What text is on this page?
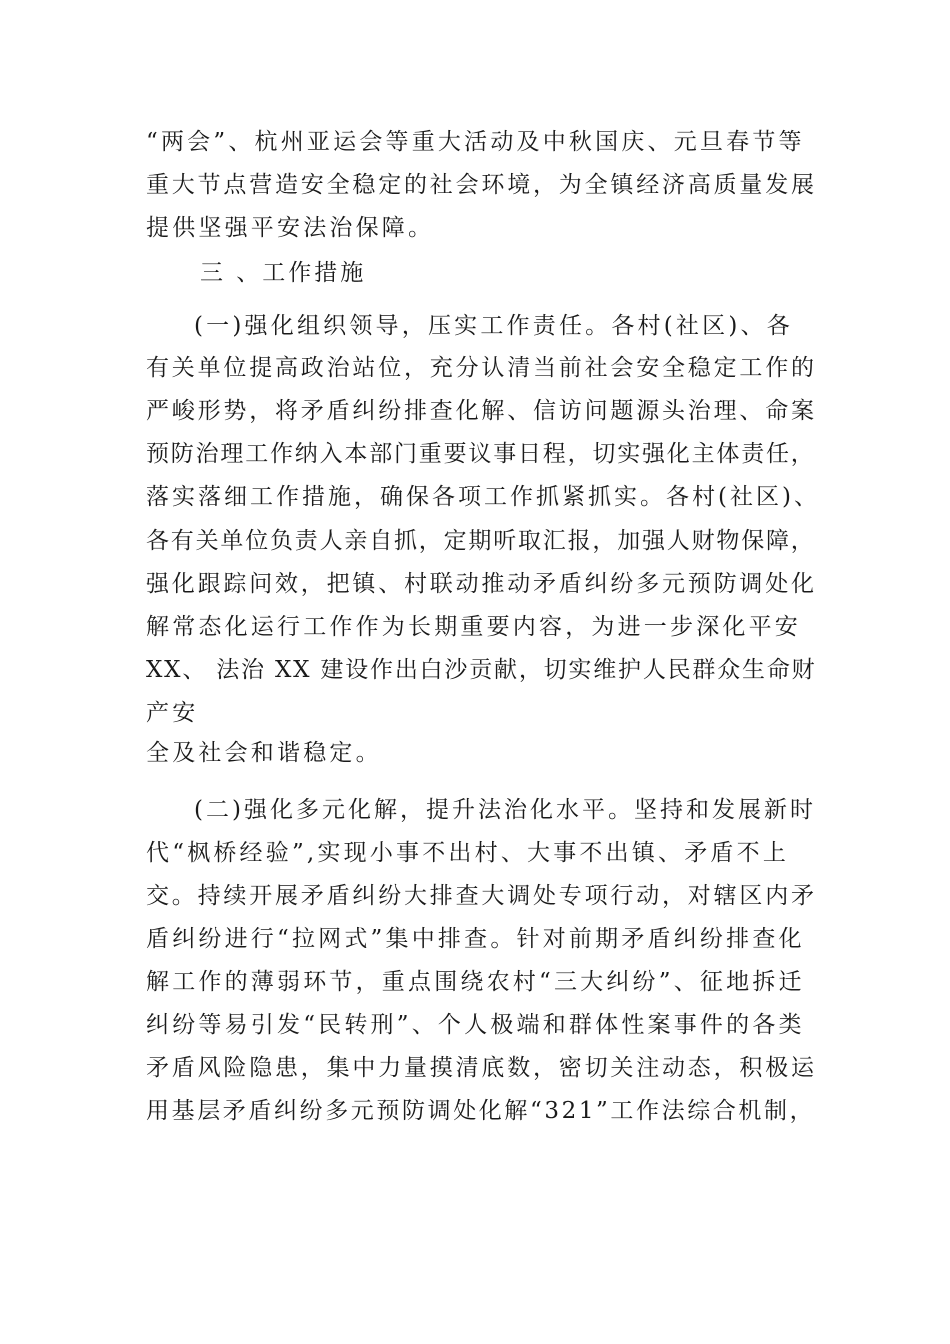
“两会”、杭州亚运会等重大活动及中秋国庆、元旦春节等
重大节点营造安全稳定的社会环境，为全镇经济高质量发展
提供坚强平安法治保障。
三 、工作措施
(一)强化组织领导，压实工作责任。各村(社区)、各
有关单位提高政治站位，充分认清当前社会安全稳定工作的
严峻形势，将矛盾纠纷排查化解、信访问题源头治理、命案
预防治理工作纳入本部门重要议事日程，切实强化主体责任，
落实落细工作措施，确保各项工作抓紧抓实。各村(社区)、
各有关单位负责人亲自抓，定期听取汇报，加强人财物保障，
强化跟踪问效，把镇、村联动推动矛盾纠纷多元预防调处化
解常态化运行工作作为长期重要内容，为进一步深化平安
XX、 法治 XX 建设作出白沙贡献，切实维护人民群众生命财
产安
全及社会和谐稳定。
(二)强化多元化解，提升法治化水平。坚持和发展新时
代“枫桥经验”,实现小事不出村、大事不出镇、矛盾不上
交。持续开展矛盾纠纷大排查大调处专项行动，对辖区内矛
盾纠纷进行“拉网式”集中排查。针对前期矛盾纠纷排查化
解工作的薄弱环节，重点围绕农村“三大纠纷”、征地拆迁
纠纷等易引发“民转刑”、个人极端和群体性案事件的各类
矛盾风险隐患，集中力量摸清底数，密切关注动态，积极运
用基层矛盾纠纷多元预防调处化解“321”工作法综合机制，
